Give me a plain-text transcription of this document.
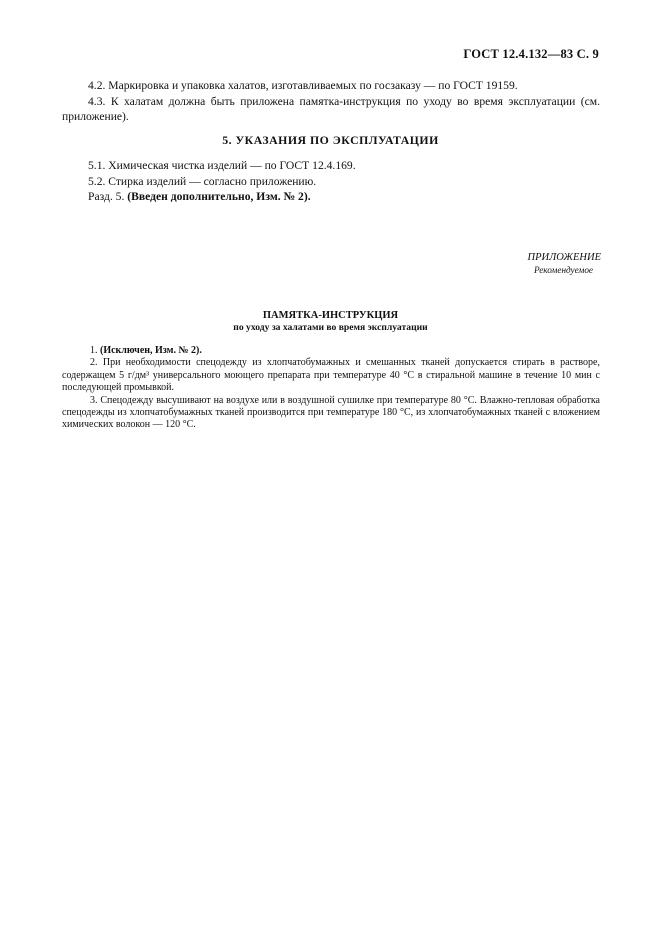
ГОСТ 12.4.132—83 С. 9
4.2. Маркировка и упаковка халатов, изготавливаемых по госзаказу — по ГОСТ 19159.
4.3. К халатам должна быть приложена памятка-инструкция по уходу во время эксплуатации (см. приложение).
5. УКАЗАНИЯ ПО ЭКСПЛУАТАЦИИ
5.1. Химическая чистка изделий — по ГОСТ 12.4.169.
5.2. Стирка изделий — согласно приложению.
Разд. 5. (Введен дополнительно, Изм. № 2).
ПРИЛОЖЕНИЕ
Рекомендуемое
ПАМЯТКА-ИНСТРУКЦИЯ
по уходу за халатами во время эксплуатации
1. (Исключен, Изм. № 2).
2. При необходимости спецодежду из хлопчатобумажных и смешанных тканей допускается стирать в растворе, содержащем 5 г/дм³ универсального моющего препарата при температуре 40 °С в стиральной машине в течение 10 мин с последующей промывкой.
3. Спецодежду высушивают на воздухе или в воздушной сушилке при температуре 80 °С. Влажно-тепловая обработка спецодежды из хлопчатобумажных тканей производится при температуре 180 °С, из хлопчатобумажных тканей с вложением химических волокон — 120 °С.
